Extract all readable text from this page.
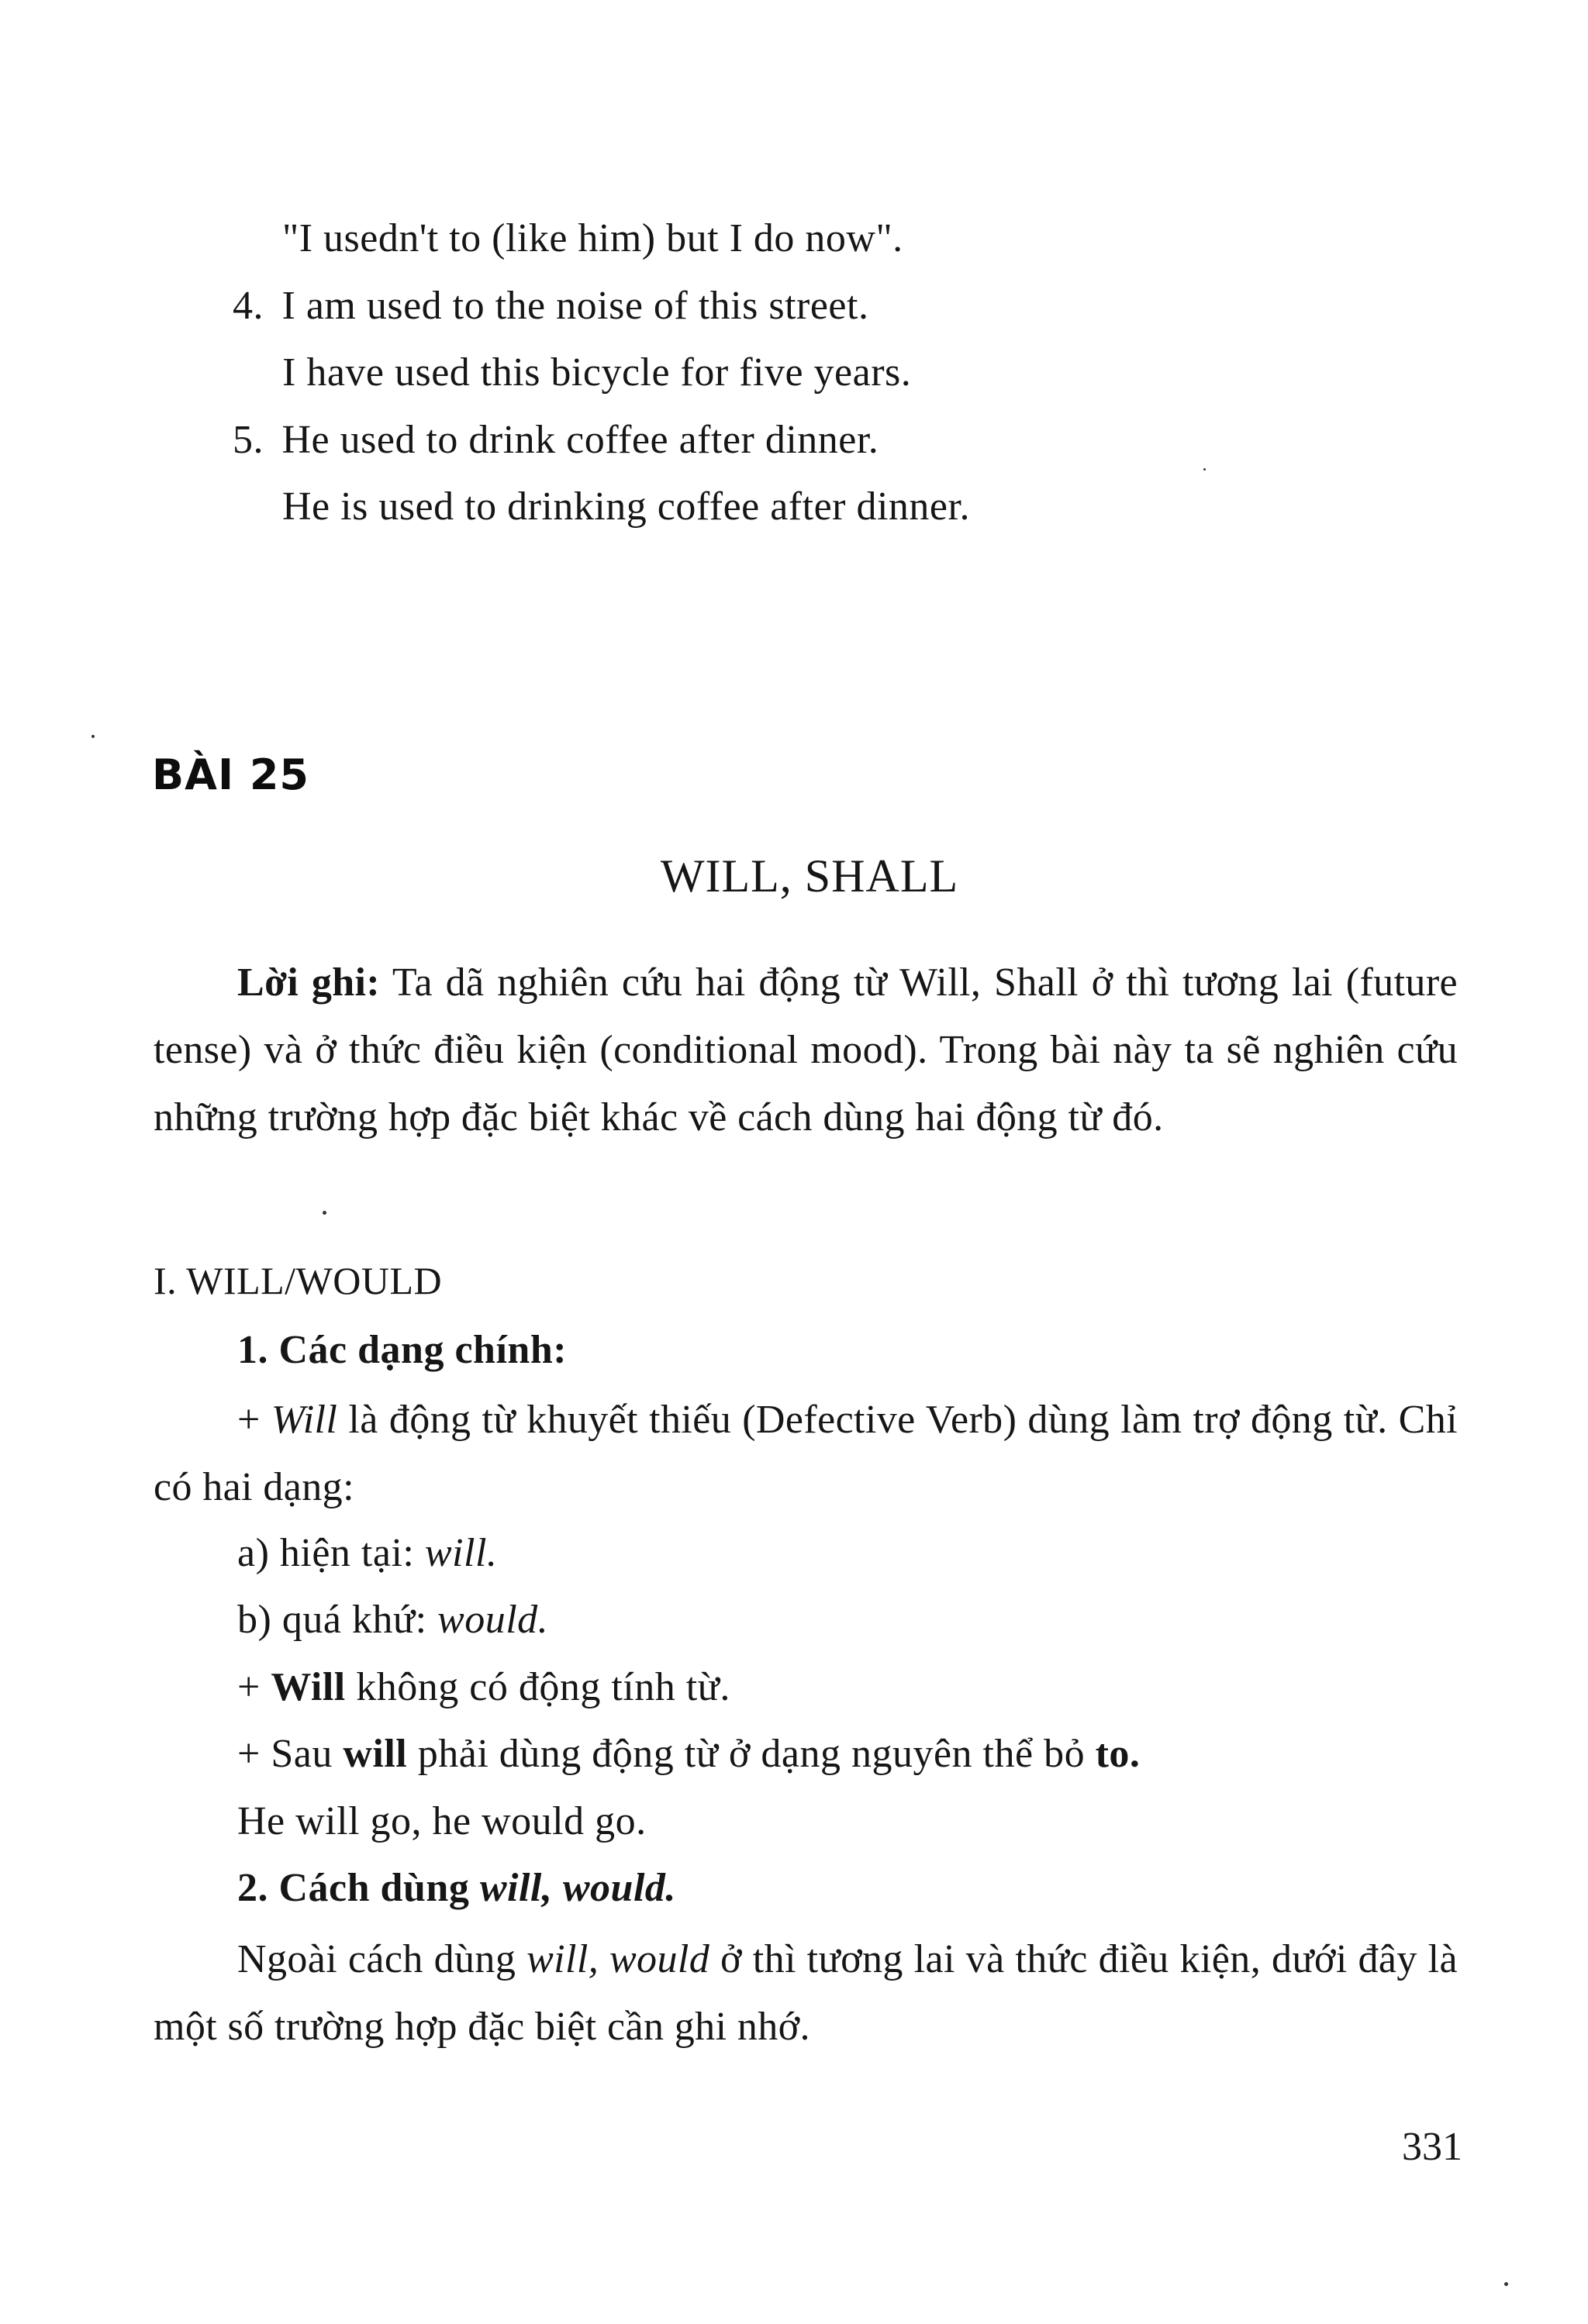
"I usedn't to (like him) but I do now".
4. I am used to the noise of this street.
I have used this bicycle for five years.
5. He used to drink coffee after dinner.
He is used to drinking coffee after dinner.
BÀI 25
WILL, SHALL
Lời ghi: Ta dã nghiên cứu hai động từ Will, Shall ở thì tương lai (future tense) và ở thức điều kiện (conditional mood). Trong bài này ta sẽ nghiên cứu những trường hợp đặc biệt khác về cách dùng hai động từ đó.
I. WILL/WOULD
1. Các dạng chính:
+ Will là động từ khuyết thiếu (Defective Verb) dùng làm trợ động từ. Chỉ có hai dạng:
a) hiện tại: will.
b) quá khứ: would.
+ Will không có động tính từ.
+ Sau will phải dùng động từ ở dạng nguyên thể bỏ to.
He will go, he would go.
2. Cách dùng will, would.
Ngoài cách dùng will, would ở thì tương lai và thức điều kiện, dưới đây là một số trường hợp đặc biệt cần ghi nhớ.
331
